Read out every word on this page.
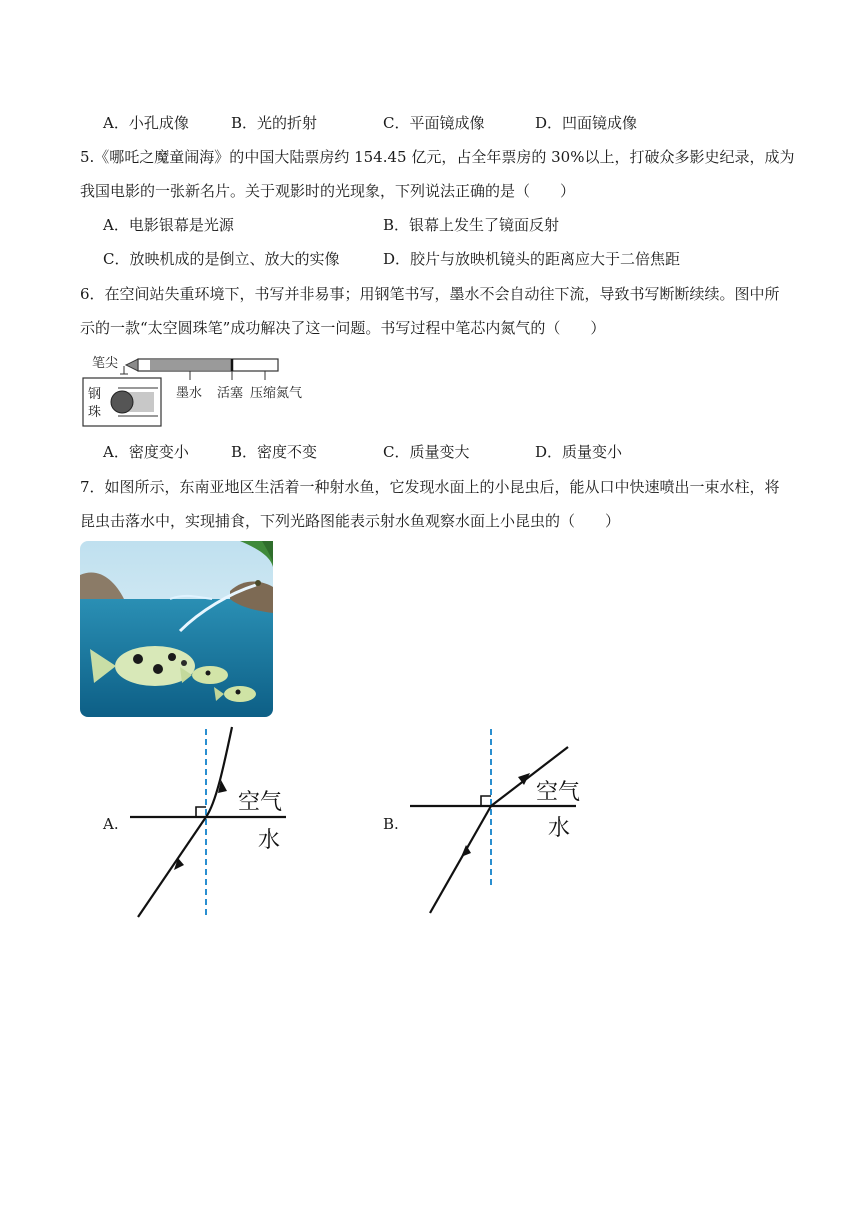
A．小孔成像	B．光的折射	C．平面镜成像	D．凹面镜成像
5.《哪吒之魔童闹海》的中国大陆票房约 154.45 亿元，占全年票房的 30%以上，打破众多影史纪录，成为
我国电影的一张新名片。关于观影时的光现象，下列说法正确的是（　　）
A．电影银幕是光源	B．银幕上发生了镜面反射
C．放映机成的是倒立、放大的实像	D．胶片与放映机镜头的距离应大于二倍焦距
6．在空间站失重环境下，书写并非易事；用钢笔书写，墨水不会自动往下流，导致书写断断续续。图中所
示的一款“太空圆珠笔”成功解决了这一问题。书写过程中笔芯内氮气的（　　）
钢
珠
笔尖
墨水 活塞 压缩氮气
A．密度变小	B．密度不变	C．质量变大	D．质量变小
7．如图所示，东南亚地区生活着一种射水鱼，它发现水面上的小昆虫后，能从口中快速喷出一束水柱，将
昆虫击落水中，实现捕食，下列光路图能表示射水鱼观察水面上小昆虫的（　　）
A.
空气
水
B.
空气
水
